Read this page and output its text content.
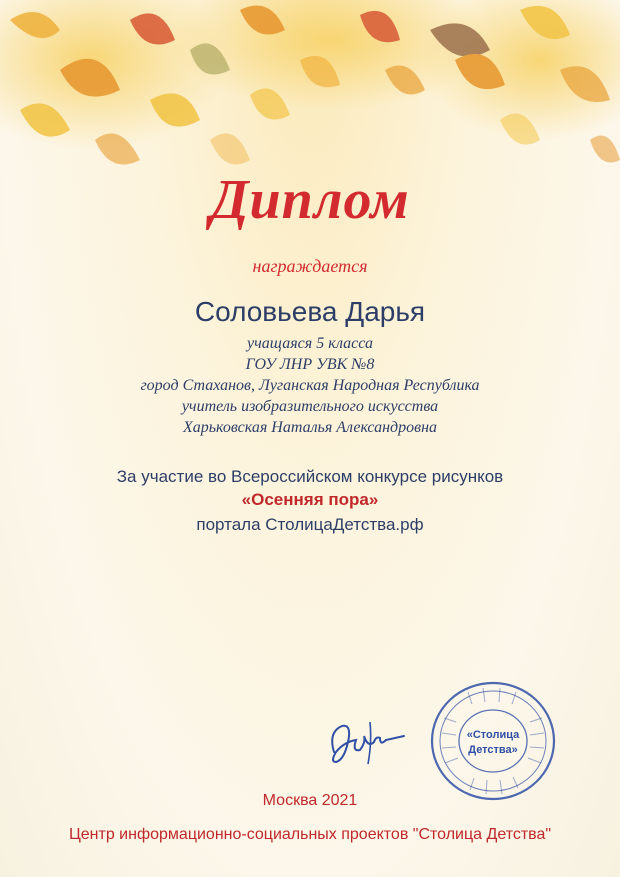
Диплом
награждается
Соловьева Дарья
учащаяся 5 класса
ГОУ ЛНР УВК №8
город Стаханов, Луганская Народная Республика
учитель изобразительного искусства
Харьковская Наталья Александровна
За участие во Всероссийском конкурсе рисунков
«Осенняя пора»
портала СтолицаДетства.рф
«Столица
Детства»
Москва 2021
Центр информационно-социальных проектов "Столица Детства"
